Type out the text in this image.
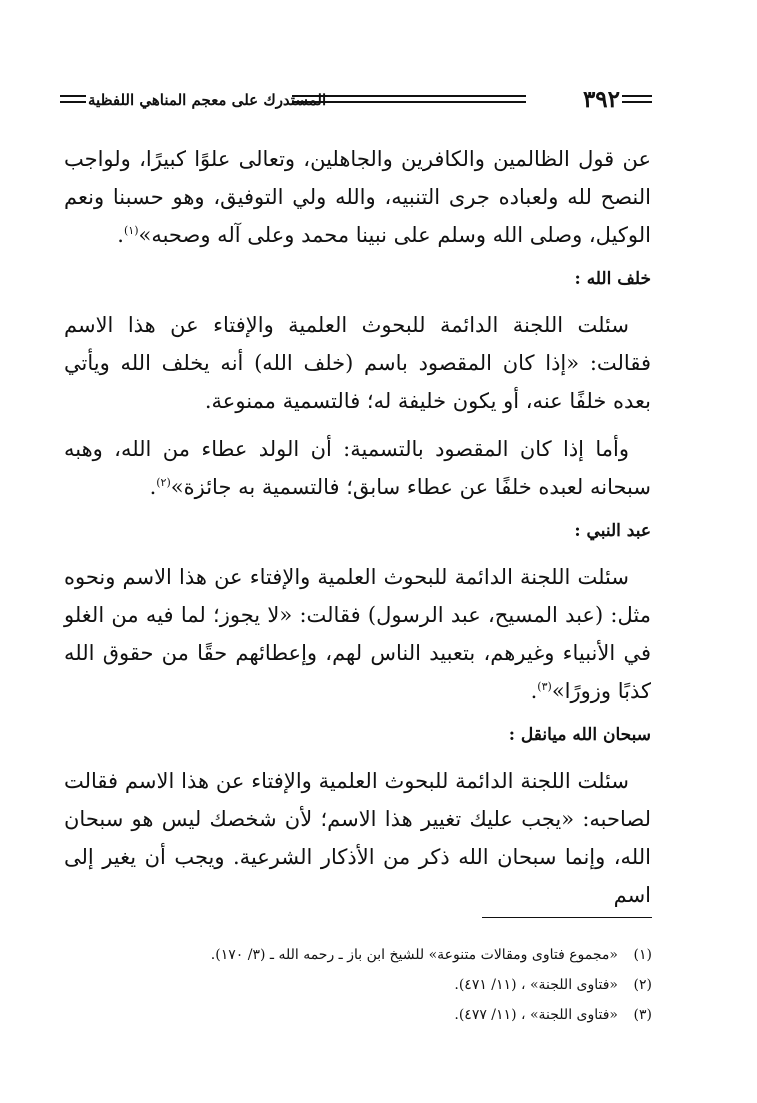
٣٩٢
المستدرك على معجم المناهي اللفظية

عن قول الظالمين والكافرين والجاهلين، وتعالى علوًا كبيرًا، ولواجب النصح لله ولعباده جرى التنبيه، والله ولي التوفيق، وهو حسبنا ونعم الوكيل، وصلى الله وسلم على نبينا محمد وعلى آله وصحبه»$^{(١)}$.

خلف الله :

سئلت اللجنة الدائمة للبحوث العلمية والإفتاء عن هذا الاسم فقالت: «إذا كان المقصود باسم (خلف الله) أنه يخلف الله ويأتي بعده خلفًا عنه، أو يكون خليفة له؛ فالتسمية ممنوعة.

وأما إذا كان المقصود بالتسمية: أن الولد عطاء من الله، وهبه سبحانه لعبده خلفًا عن عطاء سابق؛ فالتسمية به جائزة»$^{(٢)}$.

عبد النبي :

سئلت اللجنة الدائمة للبحوث العلمية والإفتاء عن هذا الاسم ونحوه مثل: (عبد المسيح، عبد الرسول) فقالت: «لا يجوز؛ لما فيه من الغلو في الأنبياء وغيرهم، بتعبيد الناس لهم، وإعطائهم حقًا من حقوق الله كذبًا وزورًا»$^{(٣)}$.

سبحان الله ميانقل :

سئلت اللجنة الدائمة للبحوث العلمية والإفتاء عن هذا الاسم فقالت لصاحبه: «يجب عليك تغيير هذا الاسم؛ لأن شخصك ليس هو سبحان الله، وإنما سبحان الله ذكر من الأذكار الشرعية. ويجب أن يغير إلى اسم

(١)«مجموع فتاوى ومقالات متنوعة» للشيخ ابن باز ـ رحمه الله ـ (٣/ ١٧٠).
(٢)«فتاوى اللجنة» ، (١١/ ٤٧١).
(٣)«فتاوى اللجنة» ، (١١/ ٤٧٧).
